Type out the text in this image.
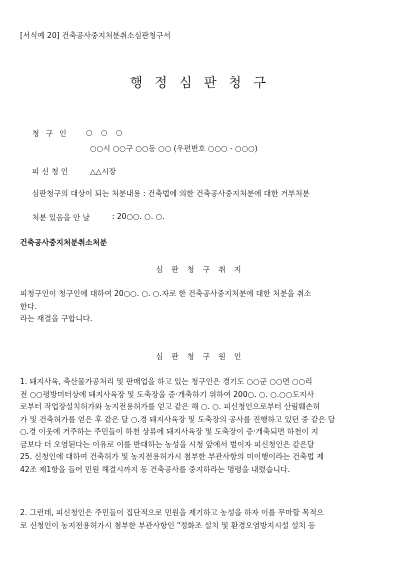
[서식예 20] 건축공사중지처분취소심판청구서
행 정 심 판 청 구
청 구 인 ○ ○ ○
○○시 ○○구 ○○동 ○○ (우편번호 ○○○ - ○○○)
피 신 청 인	△△시장
심판청구의 대상이 되는 처분내용 : 건축법에 의한 건축공사중지처분에 대한 거부처분
처분 있음을 안 날	: 20○○. ○. ○.
건축공사중지처분취소처분
심 판 청 구 취 지
피청구인이 청구인에 대하여 20○○. ○. ○.자로 한 건축공사중지처분에 대한 처분을 취소
한다.
라는 재결을 구합니다.
심 판 청 구 원 인
1. 돼지사육, 축산물가공처리 및 판매업을 하고 있는 청구인은 경기도 ○○군 ○○면 ○○리
전 ○○평방미터상에 돼지사육장 및 도축장을 증·개축하기 위하여 200○. ○. ○.○○도지사
로부터 작업장설치허가와 농지전용허가를 얻고 같은 해 ○. ○. 피신청인으로부터 산림훼손허
가 및 건축허가를 얻은 후 같은 달 ○.경 돼지사육장 및 도축장의 공사를 진행하고 있던 중 같은 달
○.경 이웃에 거주하는 주민들이 하천 상류에 돼지사육장 및 도축장이 증·개축되면 하천이 지
금보다 더 오염된다는 이유로 이를 반대하는 농성을 시청 앞에서 벌이자 피신청인은 같은달
25. 신청인에 대하여 건축허가 및 농지전용허가시 첨부한 부관사항의 미이행이라는 건축법 제
42조 제1항을 들어 민원 해결시까지 동 건축공사를 중지하라는 명령을 내렸습니다.
2. 그런데, 피신청인은 주민들이 집단적으로 민원을 제기하고 농성을 하자 이를 무마할 목적으
로 신청인이 농지전용허가시 첨부한 부관사항인 "정화조 설치 및 환경오염방지시설 설치 등
